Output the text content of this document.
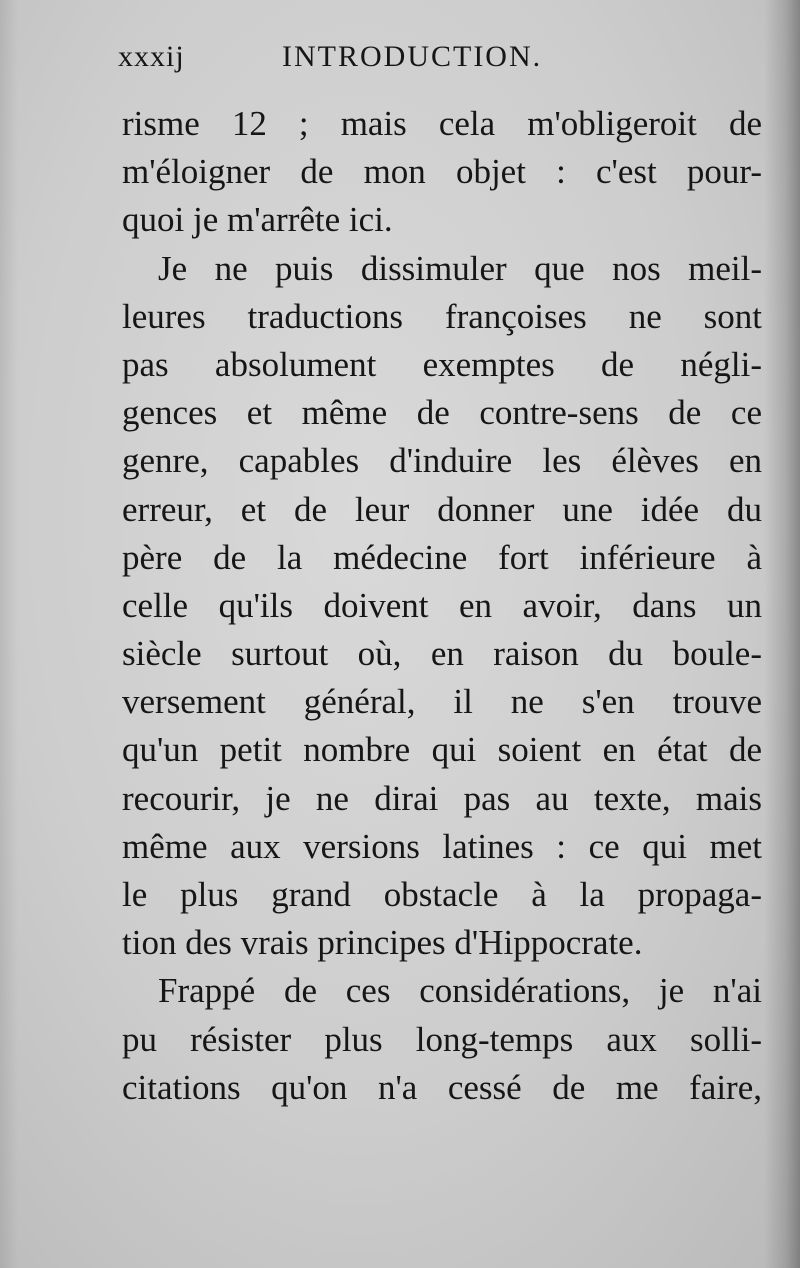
xxxij	INTRODUCTION.
risme 12 ; mais cela m'obligeroit de
m'éloigner de mon objet : c'est pour-
quoi je m'arrête ici.
Je ne puis dissimuler que nos meil-
leures traductions françoises ne sont
pas absolument exemptes de négli-
gences et même de contre-sens de ce
genre, capables d'induire les élèves en
erreur, et de leur donner une idée du
père de la médecine fort inférieure à
celle qu'ils doivent en avoir, dans un
siècle surtout où, en raison du boule-
versement général, il ne s'en trouve
qu'un petit nombre qui soient en état de
recourir, je ne dirai pas au texte, mais
même aux versions latines : ce qui met
le plus grand obstacle à la propaga-
tion des vrais principes d'Hippocrate.
Frappé de ces considérations, je n'ai
pu résister plus long-temps aux solli-
citations qu'on n'a cessé de me faire,
